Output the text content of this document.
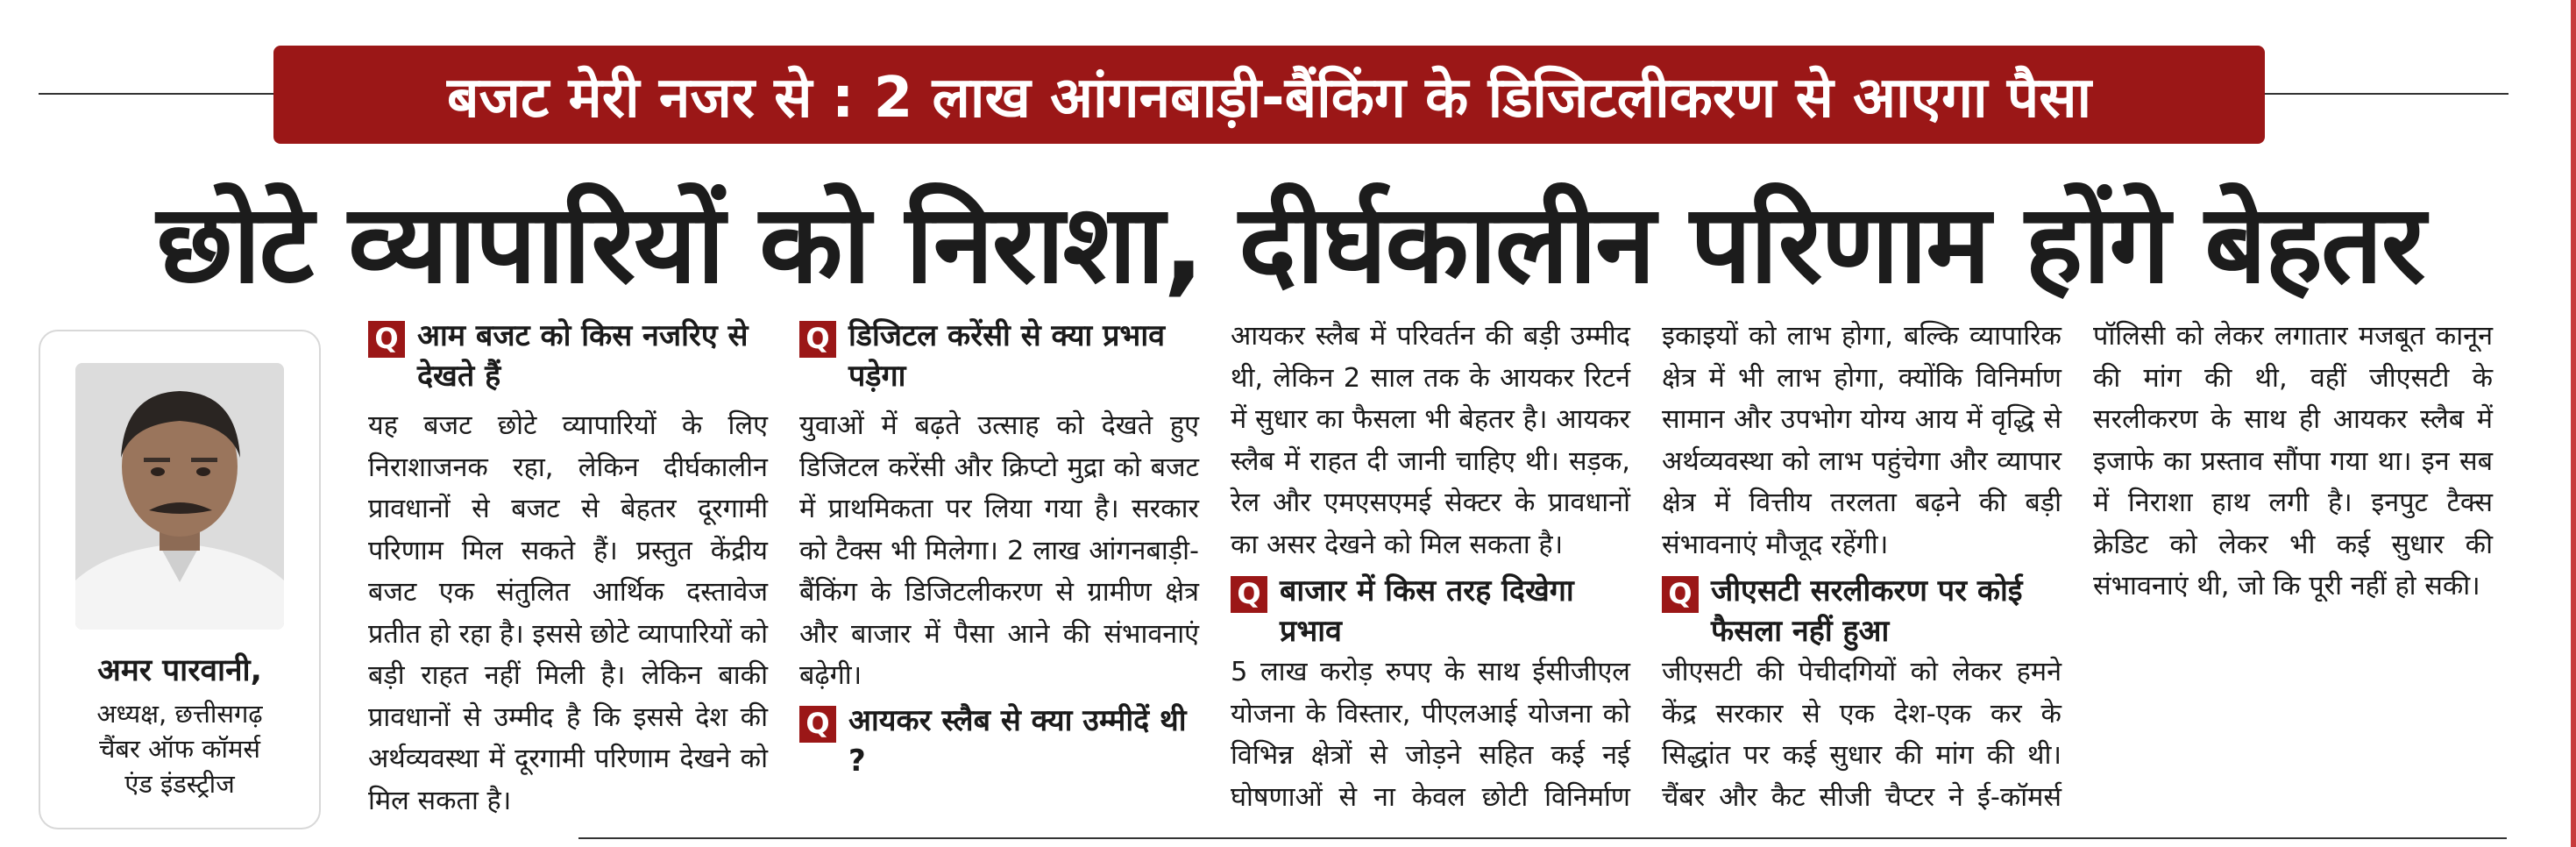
बजट मेरी नजर से : 2 लाख आंगनबाड़ी-बैंकिंग के डिजिटलीकरण से आएगा पैसा
छोटे व्यापारियों को निराशा, दीर्घकालीन परिणाम होंगे बेहतर
अमर पारवानी,
अध्यक्ष, छत्तीसगढ़
चैंबर ऑफ कॉमर्स
एंड इंडस्ट्रीज
Q आम बजट को किस नजरिए से देखते हैं

यह बजट छोटे व्यापारियों के लिए निराशाजनक रहा, लेकिन दीर्घकालीन प्रावधानों से बजट से बेहतर दूरगामी परिणाम मिल सकते हैं। प्रस्तुत केंद्रीय बजट एक संतुलित आर्थिक दस्तावेज प्रतीत हो रहा है। इससे छोटे व्यापारियों को बड़ी राहत नहीं मिली है। लेकिन बाकी प्रावधानों से उम्मीद है कि इससे देश की अर्थव्यवस्था में दूरगामी परिणाम देखने को मिल सकता है।

Q डिजिटल करेंसी से क्या प्रभाव पड़ेगा

युवाओं में बढ़ते उत्साह को देखते हुए डिजिटल करेंसी और क्रिप्टो मुद्रा को बजट में प्राथमिकता पर लिया गया है। सरकार को टैक्स भी मिलेगा। 2 लाख आंगनबाड़ी-बैंकिंग के डिजिटलीकरण से ग्रामीण क्षेत्र और बाजार में पैसा आने की संभावनाएं बढ़ेगी।

Q आयकर स्लैब से क्या उम्मीदें थी ?

आयकर स्लैब में परिवर्तन की बड़ी उम्मीद थी, लेकिन 2 साल तक के आयकर रिटर्न में सुधार का फैसला भी बेहतर है। आयकर स्लैब में राहत दी जानी चाहिए थी। सड़क, रेल और एमएसएमई सेक्टर के प्रावधानों का असर देखने को मिल सकता है।

Q बाजार में किस तरह दिखेगा प्रभाव

5 लाख करोड़ रुपए के साथ ईसीजीएल योजना के विस्तार, पीएलआई योजना को विभिन्न क्षेत्रों से जोड़ने सहित कई नई घोषणाओं से ना केवल छोटी विनिर्माण इकाइयों को लाभ होगा, बल्कि व्यापारिक क्षेत्र में भी लाभ होगा, क्योंकि विनिर्माण सामान और उपभोग योग्य आय में वृद्धि से अर्थव्यवस्था को लाभ पहुंचेगा और व्यापार क्षेत्र में वित्तीय तरलता बढ़ने की बड़ी संभावनाएं मौजूद रहेंगी।

Q जीएसटी सरलीकरण पर कोई फैसला नहीं हुआ

जीएसटी की पेचीदगियों को लेकर हमने केंद्र सरकार से एक देश-एक कर के सिद्धांत पर कई सुधार की मांग की थी। चैंबर और कैट सीजी चैप्टर ने ई-कॉमर्स पॉलिसी को लेकर लगातार मजबूत कानून की मांग की थी, वहीं जीएसटी के सरलीकरण के साथ ही आयकर स्लैब में इजाफे का प्रस्ताव सौंपा गया था। इन सब में निराशा हाथ लगी है। इनपुट टैक्स क्रेडिट को लेकर भी कई सुधार की संभावनाएं थी, जो कि पूरी नहीं हो सकी।
